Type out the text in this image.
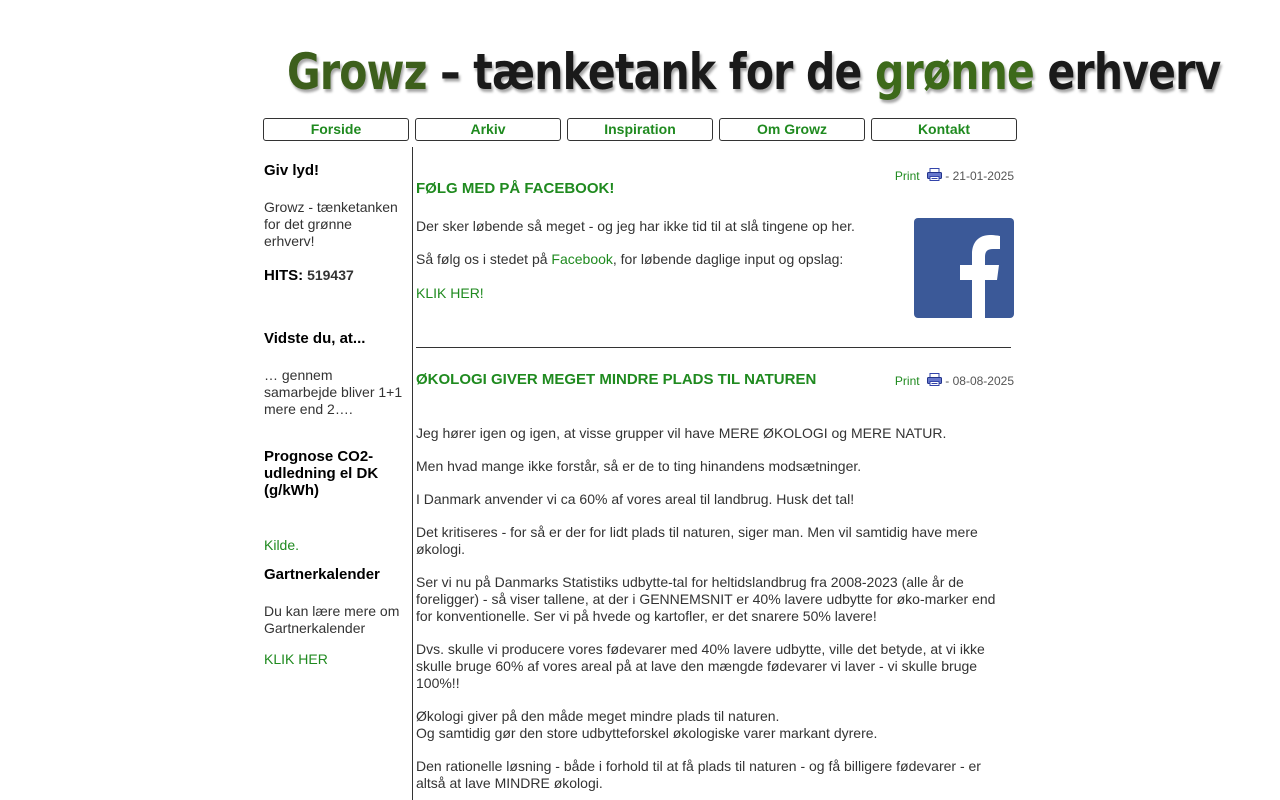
Growz – tænketank for de grønne erhverv
Forside	Arkiv	Inspiration	Om Growz	Kontakt
Giv lyd!
Growz - tænketanken for det grønne erhverv!
HITS: 519437
Vidste du, at...
… gennem samarbejde bliver 1+1 mere end 2….
Prognose CO2-udledning el DK (g/kWh)
Kilde.
Gartnerkalender
Du kan lære mere om Gartnerkalender
KLIK HER
Print - 21-01-2025
FØLG MED PÅ FACEBOOK!

Der sker løbende så meget - og jeg har ikke tid til at slå tingene op her.

Så følg os i stedet på Facebook, for løbende daglige input og opslag:

KLIK HER!
Print - 08-08-2025
ØKOLOGI GIVER MEGET MINDRE PLADS TIL NATUREN

Jeg hører igen og igen, at visse grupper vil have MERE ØKOLOGI og MERE NATUR.

Men hvad mange ikke forstår, så er de to ting hinandens modsætninger.

I Danmark anvender vi ca 60% af vores areal til landbrug. Husk det tal!

Det kritiseres - for så er der for lidt plads til naturen, siger man. Men vil samtidig have mere økologi.

Ser vi nu på Danmarks Statistiks udbytte-tal for heltidslandbrug fra 2008-2023 (alle år de foreligger) - så viser tallene, at der i GENNEMSNIT er 40% lavere udbytte for øko-marker end for konventionelle. Ser vi på hvede og kartofler, er det snarere 50% lavere!

Dvs. skulle vi producere vores fødevarer med 40% lavere udbytte, ville det betyde, at vi ikke skulle bruge 60% af vores areal på at lave den mængde fødevarer vi laver - vi skulle bruge 100%!!

Økologi giver på den måde meget mindre plads til naturen.

Og samtidig gør den store udbytteforskel økologiske varer markant dyrere.

Den rationelle løsning - både i forhold til at få plads til naturen - og få billigere fødevarer - er altså at lave MINDRE økologi.
